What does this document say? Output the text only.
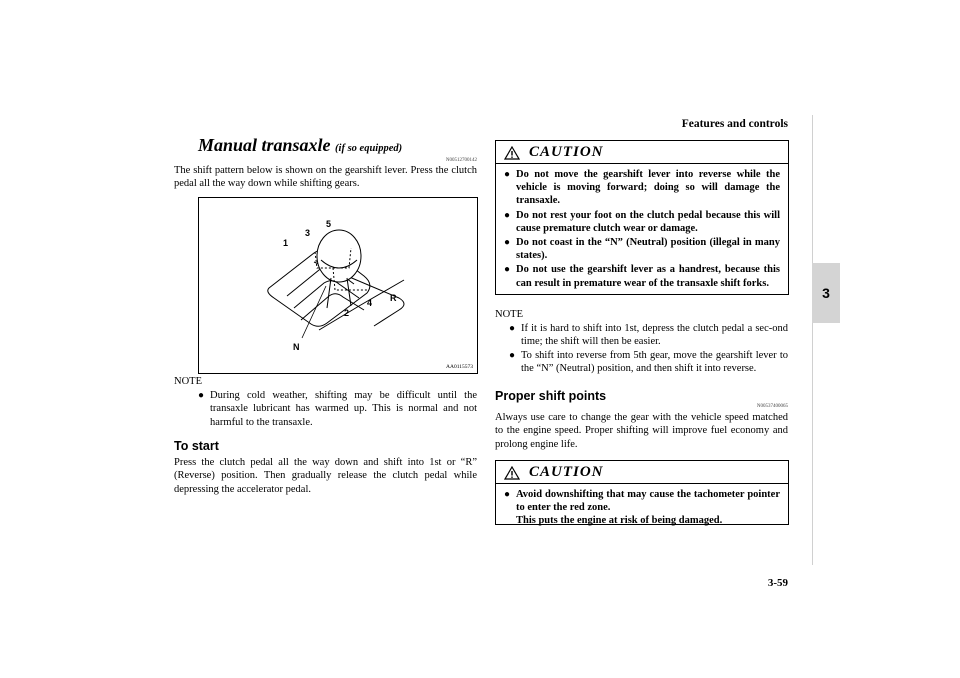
Features and controls
3
Manual transaxle (if so equipped)
N00512700142
The shift pattern below is shown on the gearshift lever. Press the clutch pedal all the way down while shifting gears.
1
3
5
R
4
2
N
AA0115573
NOTE
● During cold weather, shifting may be difficult until the transaxle lubricant has warmed up. This is normal and not harmful to the transaxle.
To start
Press the clutch pedal all the way down and shift into 1st or “R” (Reverse) position. Then gradually release the clutch pedal while depressing the accelerator pedal.
CAUTION
● Do not move the gearshift lever into reverse while the vehicle is moving forward; doing so will damage the transaxle.
● Do not rest your foot on the clutch pedal because this will cause premature clutch wear or damage.
● Do not coast in the “N” (Neutral) position (illegal in many states).
● Do not use the gearshift lever as a handrest, because this can result in premature wear of the transaxle shift forks.
NOTE
● If it is hard to shift into 1st, depress the clutch pedal a sec-ond time; the shift will then be easier.
● To shift into reverse from 5th gear, move the gearshift lever to the “N” (Neutral) position, and then shift it into reverse.
Proper shift points
N00537400065
Always use care to change the gear with the vehicle speed matched to the engine speed. Proper shifting will improve fuel economy and prolong engine life.
CAUTION
● Avoid downshifting that may cause the tachometer pointer to enter the red zone.
This puts the engine at risk of being damaged.
3-59
